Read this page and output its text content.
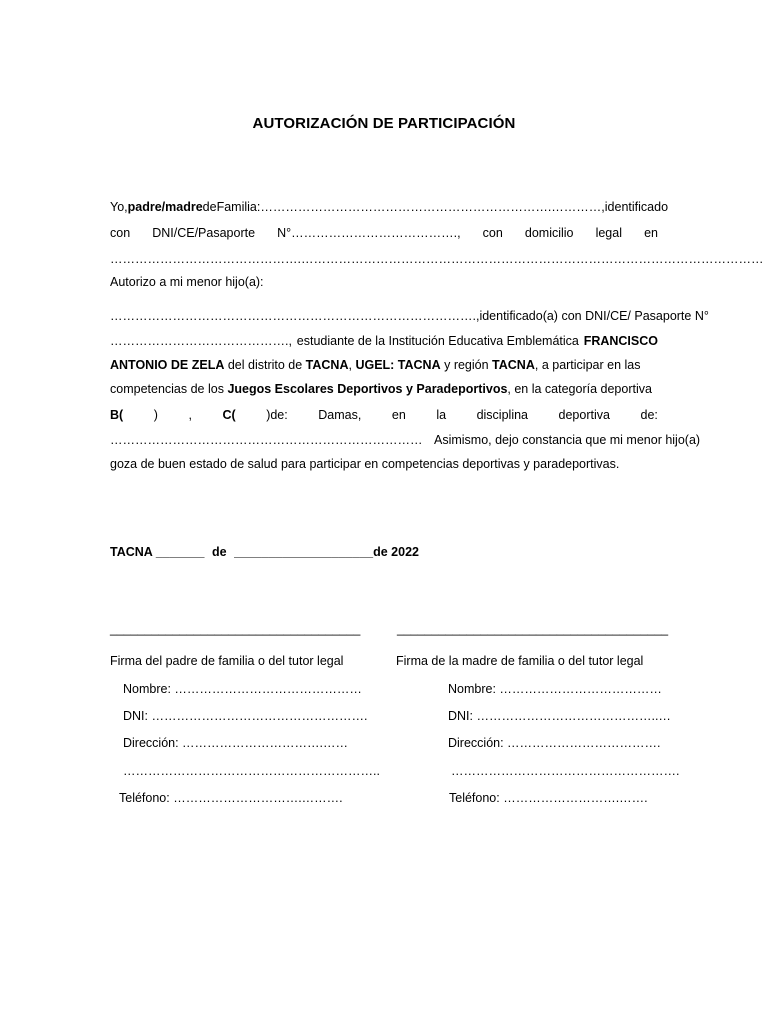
AUTORIZACIÓN DE PARTICIPACIÓN
Yo, padre/madre de Familia: …………………………………………………………….…………, identificado
con DNI/CE/Pasaporte N°…………………………………., con domicilio legal en
………………………………………. …………………………………………………………………………………………………
Autorizo a mi menor hijo(a):
……………………………………………………………………………., identificado(a) con DNI/CE/ Pasaporte N°
……………………………………., estudiante de la Institución Educativa Emblemática FRANCISCO
ANTONIO DE ZELA del distrito de TACNA, UGEL: TACNA y región TACNA, a participar en las
competencias de los Juegos Escolares Deportivos y Paradeportivos, en la categoría deportiva
B( ) , C( )de: Damas, en la disciplina deportiva de:
………………………………………………………………… Asimismo, dejo constancia que mi menor hijo(a)
goza de buen estado de salud para participar en competencias deportivas y paradeportivas.
TACNA _______ de ____________________de 2022
____________________________________	_______________________________________
Firma del padre de familia o del tutor legal	Firma de la madre de familia o del tutor legal
Nombre: ………………………………………	Nombre: …………………………………
DNI: …………………………………………….	DNI: ……………………………………..…
Dirección: …………………………….……	Dirección: ……………………………….
……………………………………………………..	……………………………………………….
Teléfono: ………………………….……….	Teléfono: ……………………….…….
